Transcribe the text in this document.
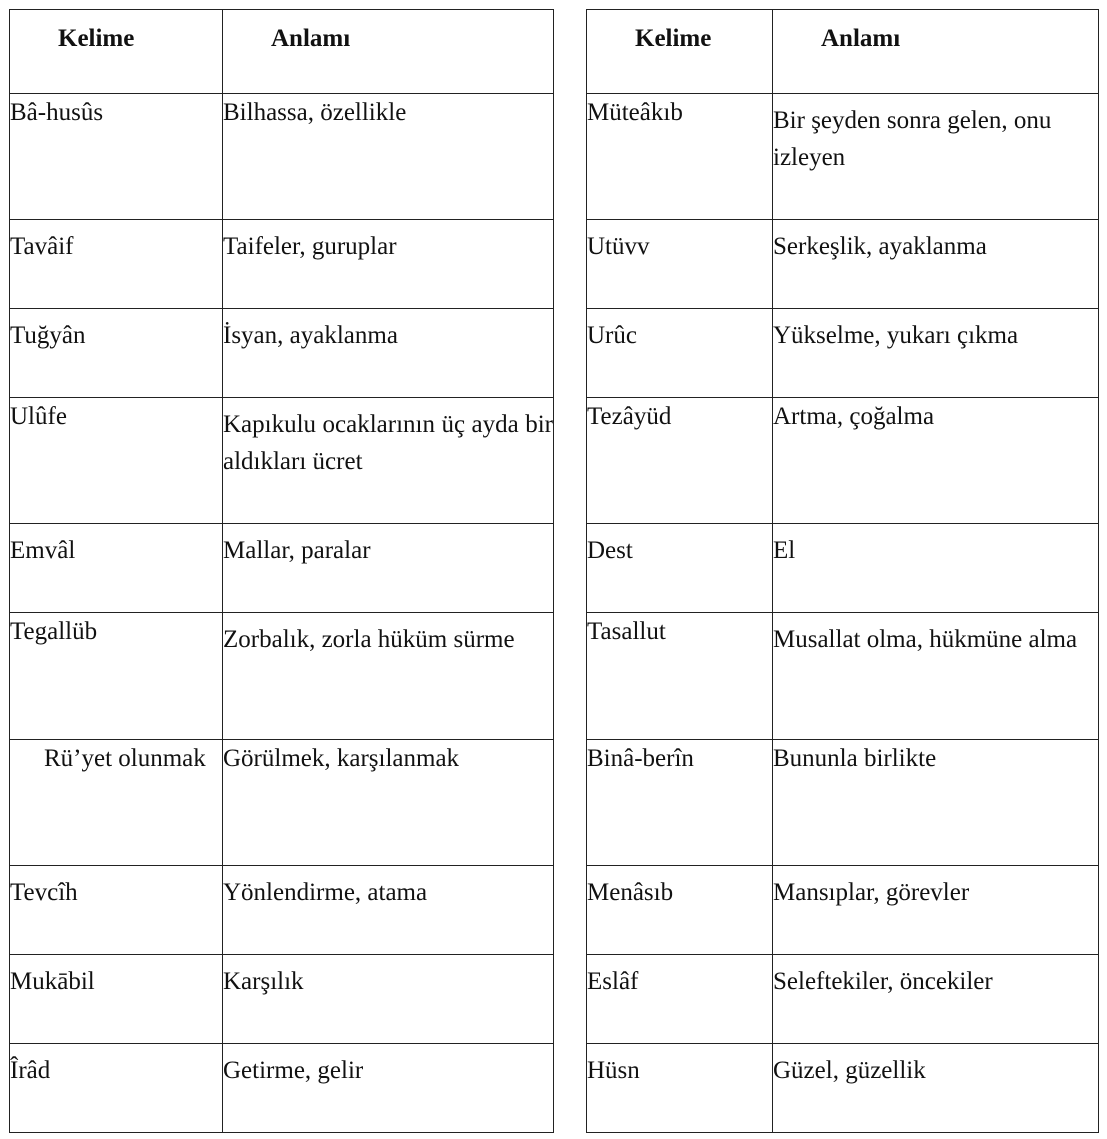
Kelime	Anlamı
Bâ-husûs	Bilhassa, özellikle
Tavâif	Taifeler, guruplar
Tuğyân	İsyan, ayaklanma
Ulûfe	Kapıkulu ocaklarının üç ayda bir aldıkları ücret
Emvâl	Mallar, paralar
Tegallüb	Zorbalık, zorla hüküm sürme

Rü’yet olunmak	Görülmek, karşılanmak
Tevcîh	Yönlendirme, atama
Mukābil	Karşılık
Îrâd	Getirme, gelir
Kelime	Anlamı
Müteâkıb	Bir şeyden sonra gelen, onu izleyen
Utüvv	Serkeşlik, ayaklanma
Urûc	Yükselme, yukarı çıkma
Tezâyüd	Artma, çoğalma
Dest	El
Tasallut	Musallat olma, hükmüne alma
Binâ-berîn	Bununla birlikte
Menâsıb	Mansıplar, görevler
Eslâf	Seleftekiler, öncekiler
Hüsn	Güzel, güzellik
